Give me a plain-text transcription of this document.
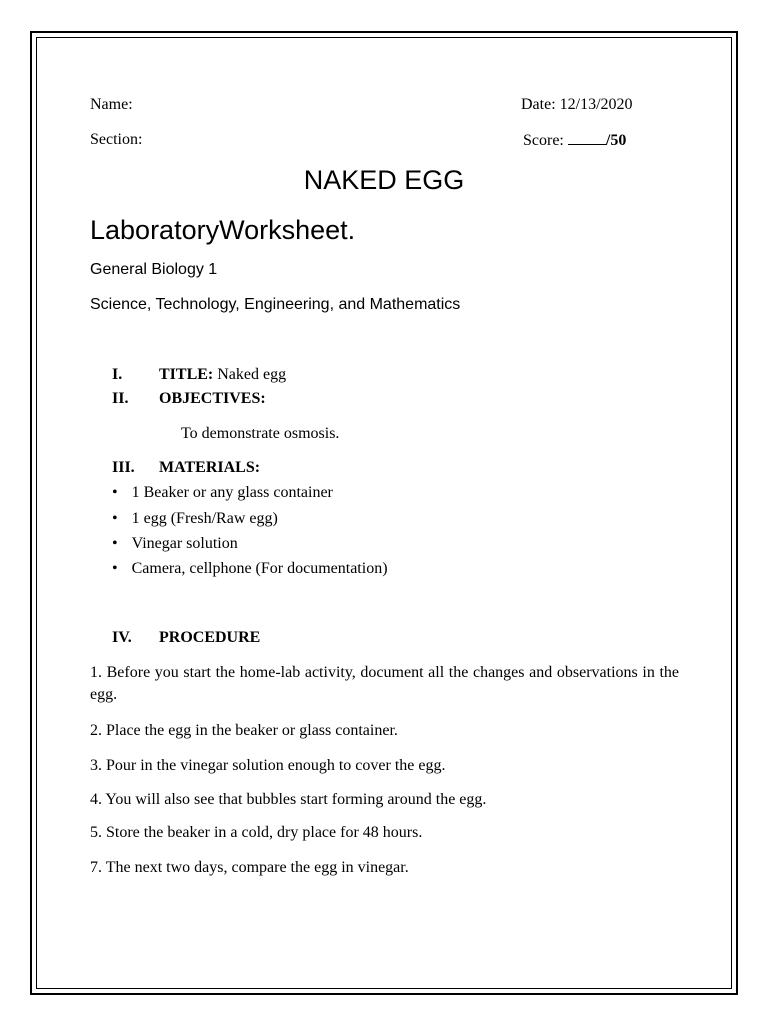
Name:	Date: 12/13/2020
Section:	Score: /50
NAKED EGG
LaboratoryWorksheet.
General Biology 1
Science, Technology, Engineering, and Mathematics
I. TITLE: Naked egg
II. OBJECTIVES:
To demonstrate osmosis.
III. MATERIALS:
• 1 Beaker or any glass container
• 1 egg (Fresh/Raw egg)
• Vinegar solution
• Camera, cellphone (For documentation)
IV. PROCEDURE
1. Before you start the home-lab activity, document all the changes and observations in the egg.
2. Place the egg in the beaker or glass container.
3. Pour in the vinegar solution enough to cover the egg.
4. You will also see that bubbles start forming around the egg.
5. Store the beaker in a cold, dry place for 48 hours.
7. The next two days, compare the egg in vinegar.
